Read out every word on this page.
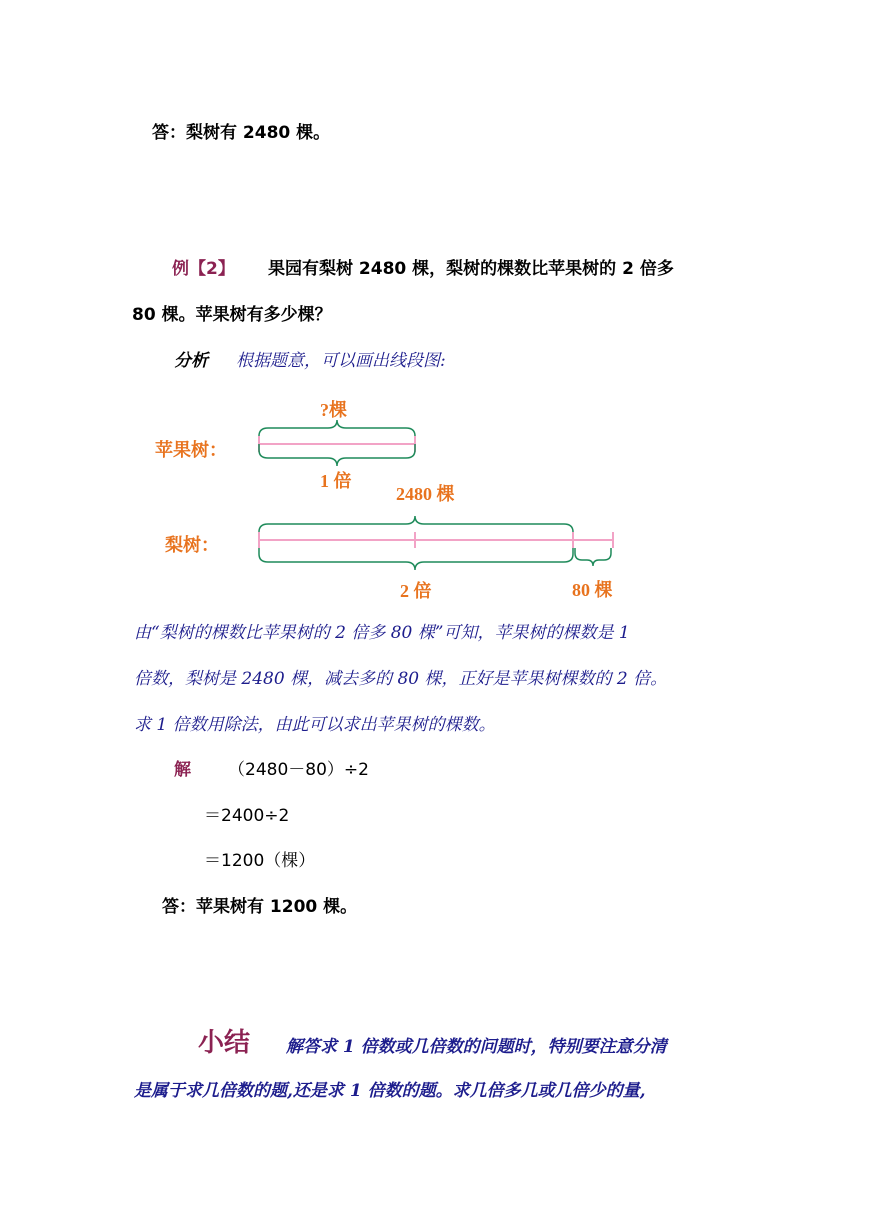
答：梨树有 2480 棵。
例【2】 果园有梨树 2480 棵，梨树的棵数比苹果树的 2 倍多
80 棵。苹果树有多少棵？
分析 根据题意，可以画出线段图:
?棵
苹果树：
1 倍
2480 棵
梨树：
2 倍	80 棵
由“梨树的棵数比苹果树的 2 倍多 80 棵”可知，苹果树的棵数是 1
倍数，梨树是 2480 棵，减去多的 80 棵，正好是苹果树棵数的 2 倍。
求 1 倍数用除法，由此可以求出苹果树的棵数。
解 （2480－80）÷2
＝2400÷2
＝1200（棵）
答：苹果树有 1200 棵。
小结 解答求 1 倍数或几倍数的问题时，特别要注意分清
是属于求几倍数的题,还是求 1 倍数的题。求几倍多几或几倍少的量,
